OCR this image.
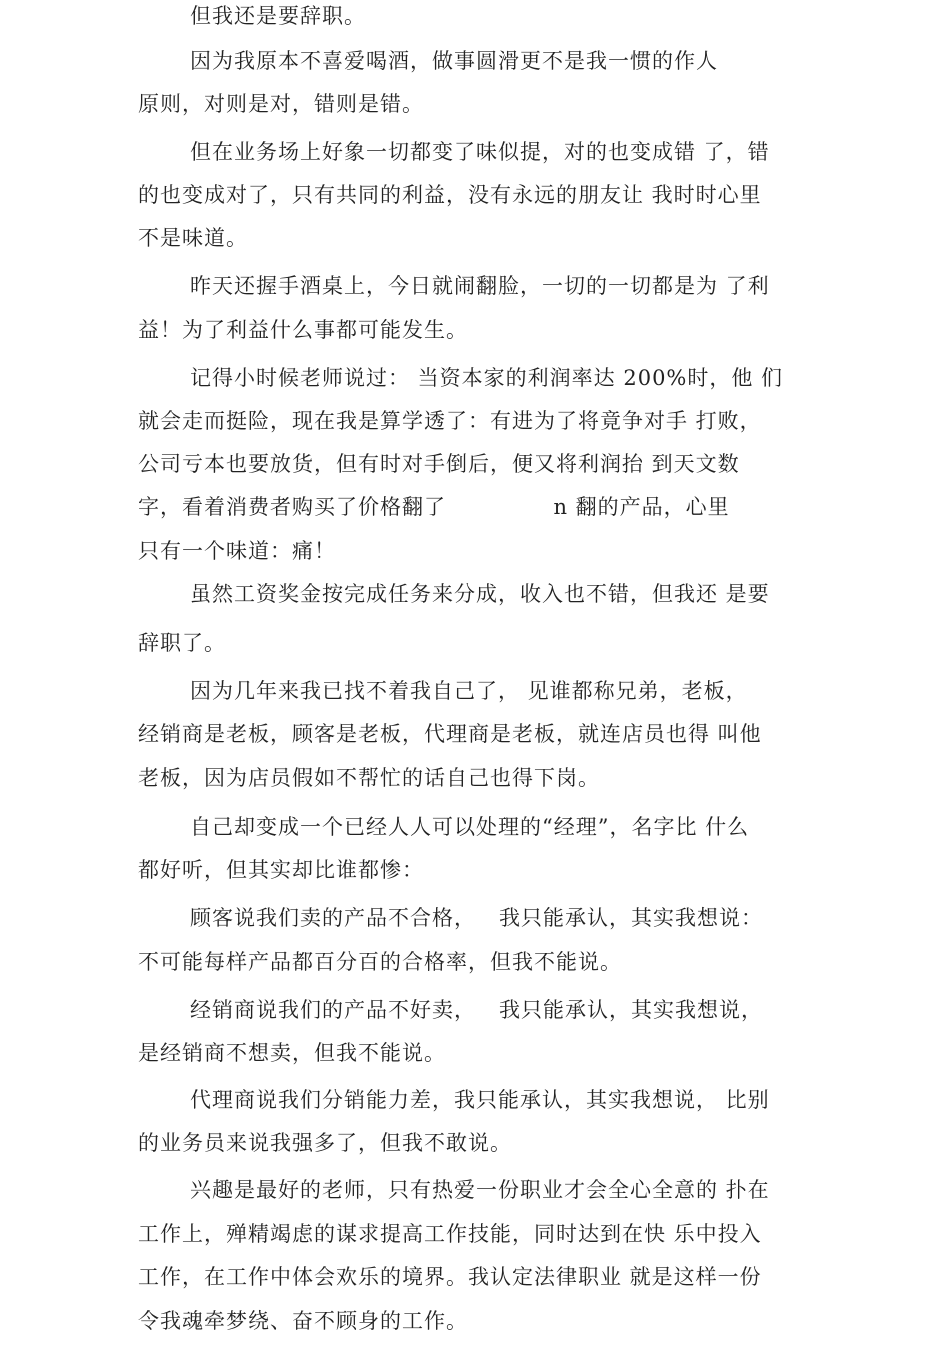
但我还是要辞职。
因为我原本不喜爱喝酒，做事圆滑更不是我一惯的作人
原则，对则是对，错则是错。
但在业务场上好象一切都变了味似提，对的也变成错 了，错
的也变成对了，只有共同的利益，没有永远的朋友让 我时时心里
不是味道。
昨天还握手酒桌上，今日就闹翻脸，一切的一切都是为 了利
益！为了利益什么事都可能发生。
记得小时候老师说过： 当资本家的利润率达 200%时，他 们
就会走而挺险，现在我是算学透了：有进为了将竟争对手 打败，
公司亏本也要放货，但有时对手倒后，便又将利润抬 到天文数
字，看着消费者购买了价格翻了              n 翻的产品，心里
只有一个味道：痛！
虽然工资奖金按完成任务来分成，收入也不错，但我还 是要
辞职了。
因为几年来我已找不着我自己了， 见谁都称兄弟，老板，
经销商是老板，顾客是老板，代理商是老板，就连店员也得 叫他
老板，因为店员假如不帮忙的话自己也得下岗。
自己却变成一个已经人人可以处理的“经理”，名字比 什么
都好听，但其实却比谁都惨：
顾客说我们卖的产品不合格，   我只能承认，其实我想说：
不可能每样产品都百分百的合格率，但我不能说。
经销商说我们的产品不好卖，   我只能承认，其实我想说，
是经销商不想卖，但我不能说。
代理商说我们分销能力差，我只能承认，其实我想说， 比别
的业务员来说我强多了，但我不敢说。
兴趣是最好的老师，只有热爱一份职业才会全心全意的 扑在
工作上，殚精竭虑的谋求提高工作技能，同时达到在快 乐中投入
工作，在工作中体会欢乐的境界。我认定法律职业 就是这样一份
令我魂牵梦绕、奋不顾身的工作。
